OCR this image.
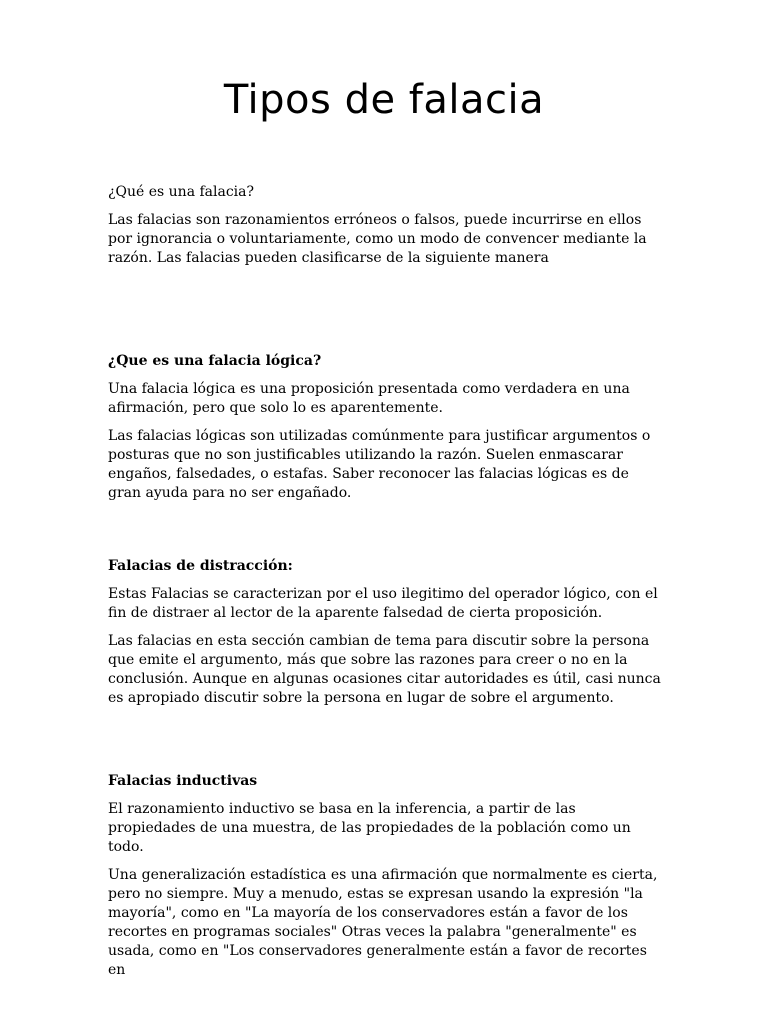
Tipos de falacia

¿Qué es una falacia?

Las falacias son razonamientos erróneos o falsos, puede incurrirse en ellos por ignorancia o voluntariamente, como un modo de convencer mediante la razón. Las falacias pueden clasificarse de la siguiente manera

¿Que es una falacia lógica?

Una falacia lógica es una proposición presentada como verdadera en una afirmación, pero que solo lo es aparentemente.

Las falacias lógicas son utilizadas comúnmente para justificar argumentos o posturas que no son justificables utilizando la razón. Suelen enmascarar engaños, falsedades, o estafas. Saber reconocer las falacias lógicas es de gran ayuda para no ser engañado.

Falacias de distracción:

Estas Falacias se caracterizan por el uso ilegitimo del operador lógico, con el fin de distraer al lector de la aparente falsedad de cierta proposición.

Las falacias en esta sección cambian de tema para discutir sobre la persona que emite el argumento, más que sobre las razones para creer o no en la conclusión. Aunque en algunas ocasiones citar autoridades es útil, casi nunca es apropiado discutir sobre la persona en lugar de sobre el argumento.

Falacias inductivas

El razonamiento inductivo se basa en la inferencia, a partir de las propiedades de una muestra, de las propiedades de la población como un todo.

Una generalización estadística es una afirmación que normalmente es cierta, pero no siempre. Muy a menudo, estas se expresan usando la expresión "la mayoría", como en "La mayoría de los conservadores están a favor de los recortes en programas sociales" Otras veces la palabra "generalmente" es usada, como en "Los conservadores generalmente están a favor de recortes en
